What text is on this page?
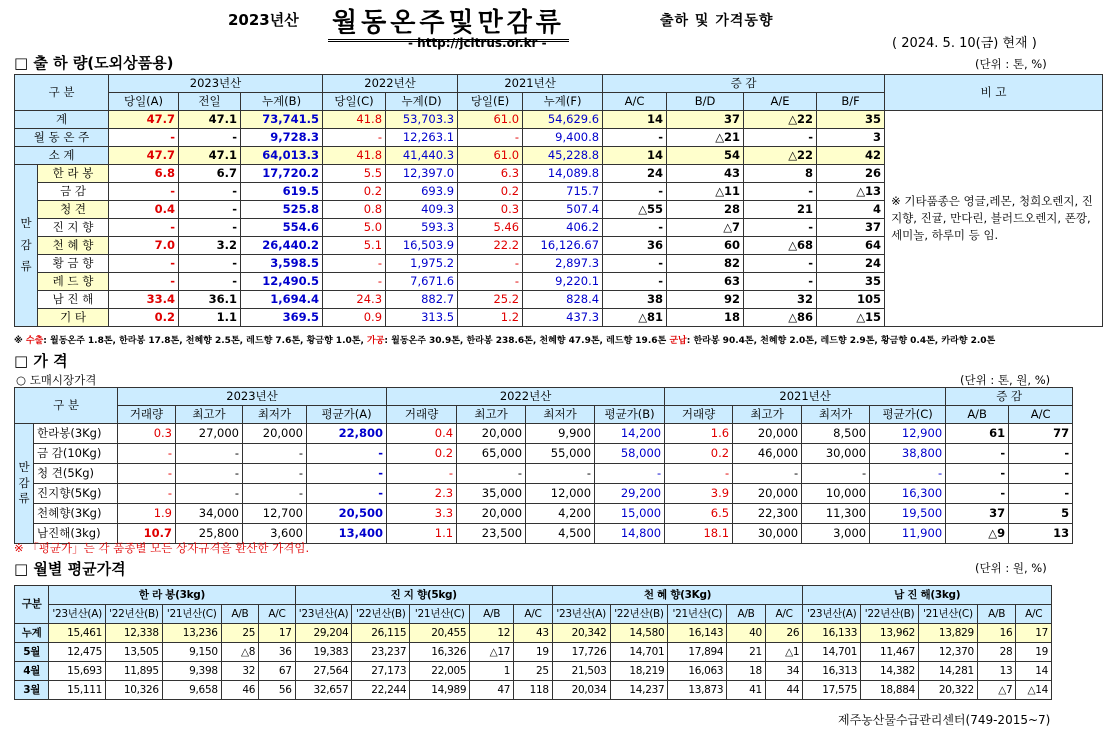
2023년산 월동온주및만감류	출하 및 가격동향
- http://jcitrus.or.kr -	( 2024. 5. 10(금) 현재 )
□ 출 하 량(도외상품용)	(단위 : 톤, %)
구 분		2023년산			2022년산		2021년산		증 감				비 고
		당일(A)	전일	누계(B)	당일(C)	누계(D)	당일(E)	누계(F)	A/C	B/D	A/E	B/F	
계		47.7	47.1	73,741.5	41.8	53,703.3	61.0	54,629.6	14	37	△22	35	※ 기타품종은 영글,레몬, 청희오렌지, 진지향, 진귤, 만다린, 블러드오렌지, 폰깡,세미놀, 하루미 등 임.
월 동 온 주		-	-	9,728.3	-	12,263.1	-	9,400.8	-	△21	-	3	
소 계		47.7	47.1	64,013.3	41.8	41,440.3	61.0	45,228.8	14	54	△22	42	

만
감
류	한 라 봉	6.8	6.7	17,720.2	5.5	12,397.0	6.3	14,089.8	24	43	8	26	
	금 감	-	-	619.5	0.2	693.9	0.2	715.7	-	△11	-	△13	
	청 견	0.4	-	525.8	0.8	409.3	0.3	507.4	△55	28	21	4	
	진 지 향	-	-	554.6	5.0	593.3	5.46	406.2	-	△7	-	37	
	천 혜 향	7.0	3.2	26,440.2	5.1	16,503.9	22.2	16,126.67	36	60	△68	64	
	황 금 향	-	-	3,598.5	-	1,975.2	-	2,897.3	-	82	-	24	
	레 드 향	-	-	12,490.5	-	7,671.6	-	9,220.1	-	63	-	35	
	남 진 해	33.4	36.1	1,694.4	24.3	882.7	25.2	828.4	38	92	32	105	
	기 타	0.2	1.1	369.5	0.9	313.5	1.2	437.3	△81	18	△86	△15	
※ 수출: 월동온주 1.8톤, 한라봉 17.8톤, 천혜향 2.5톤, 레드향 7.6톤, 황금향 1.0톤, 가공: 월동온주 30.9톤, 한라봉 238.6톤, 천혜향 47.9톤, 레드향 19.6톤 군납: 한라봉 90.4톤, 천혜향 2.0톤, 레드향 2.9톤, 황금향 0.4톤, 카라향 2.0톤
□ 가 격
○ 도매시장가격	(단위 : 톤, 원, %)
구 분		2023년산				2022년산				2021년산				증 감	
		거래량	최고가	최저가	평균가(A)	거래량	최고가	최저가	평균가(B)	거래량	최고가	최저가	평균가(C)	A/B	A/C

만
감
류	한라봉(3Kg)	0.3	27,000	20,000	22,800	0.4	20,000	9,900	14,200	1.6	20,000	8,500	12,900	61	77
	금 감(10Kg)	-	-	-	-	0.2	65,000	55,000	58,000	0.2	46,000	30,000	38,800	-	-
	청 견(5Kg)	-	-	-	-	-	-	-	-	-	-	-	-	-	-
	진지향(5Kg)	-	-	-	-	2.3	35,000	12,000	29,200	3.9	20,000	10,000	16,300	-	-
	천혜향(3Kg)	1.9	34,000	12,700	20,500	3.3	20,000	4,200	15,000	6.5	22,300	11,300	19,500	37	5
	남진해(3kg)	10.7	25,800	3,600	13,400	1.1	23,500	4,500	14,800	18.1	30,000	3,000	11,900	△9	13
※ 「평균가」는 각 품종별 모든 상자규격을 환산한 가격임.
□ 월별 평균가격	(단위 : 원, %)
구분	한 라 봉(3kg)					진 지 향(5kg)					천 혜 향(3Kg)					남 진 해(3kg)				
	'23년산(A)	'22년산(B)	'21년산(C)	A/B	A/C	'23년산(A)	'22년산(B)	'21년산(C)	A/B	A/C	'23년산(A)	'22년산(B)	'21년산(C)	A/B	A/C	'23년산(A)	'22년산(B)	'21년산(C)	A/B	A/C
누계	15,461	12,338	13,236	25	17	29,204	26,115	20,455	12	43	20,342	14,580	16,143	40	26	16,133	13,962	13,829	16	17
5월	12,475	13,505	9,150	△8	36	19,383	23,237	16,326	△17	19	17,726	14,701	17,894	21	△1	14,701	11,467	12,370	28	19
4월	15,693	11,895	9,398	32	67	27,564	27,173	22,005	1	25	21,503	18,219	16,063	18	34	16,313	14,382	14,281	13	14
3월	15,111	10,326	9,658	46	56	32,657	22,244	14,989	47	118	20,034	14,237	13,873	41	44	17,575	18,884	20,322	△7	△14
제주농산물수급관리센터(749-2015~7)
